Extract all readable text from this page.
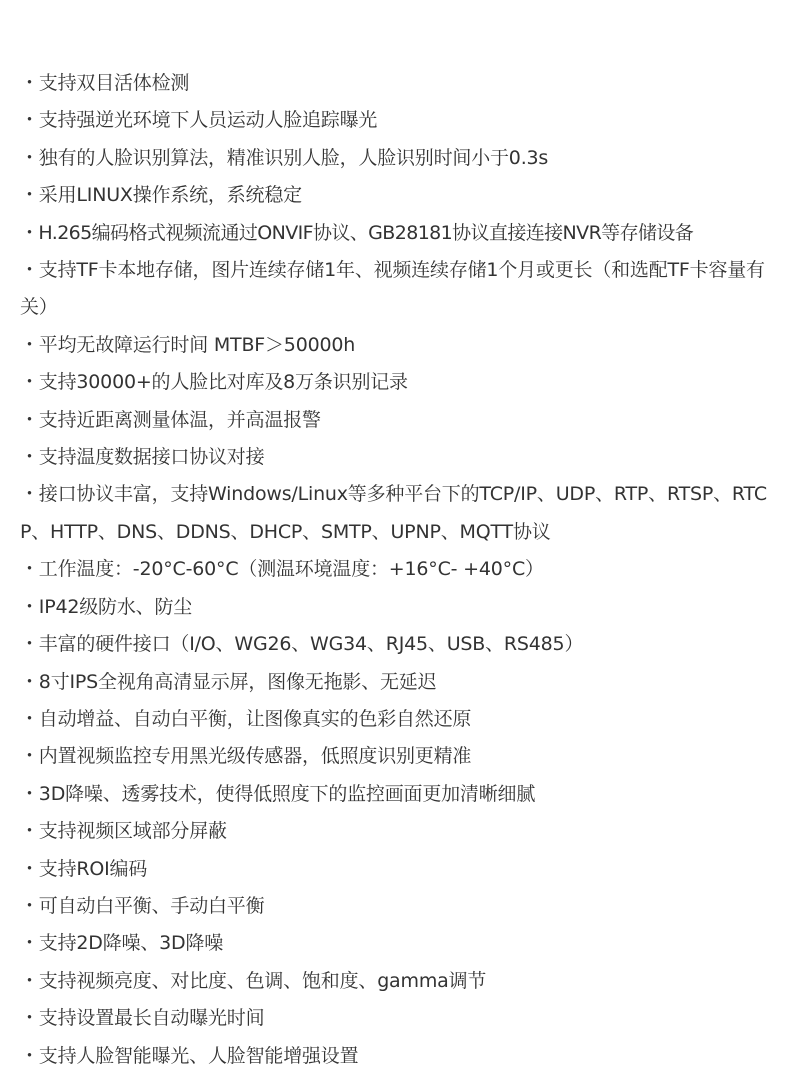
・支持双目活体检测
・支持强逆光环境下人员运动人脸追踪曝光
・独有的人脸识别算法，精准识别人脸，人脸识别时间小于0.3s
・采用LINUX操作系统，系统稳定
・H.265编码格式视频流通过ONVIF协议、GB28181协议直接连接NVR等存储设备
・支持TF卡本地存储，图片连续存储1年、视频连续存储1个月或更长（和选配TF卡容量有关）
・平均无故障运行时间 MTBF＞50000h
・支持30000+的人脸比对库及8万条识别记录
・支持近距离测量体温，并高温报警
・支持温度数据接口协议对接
・接口协议丰富，支持Windows/Linux等多种平台下的TCP/IP、UDP、RTP、RTSP、RTCP、HTTP、DNS、DDNS、DHCP、SMTP、UPNP、MQTT协议
・工作温度：-20°C-60°C（测温环境温度：+16°C- +40°C）
・IP42级防水、防尘
・丰富的硬件接口（I/O、WG26、WG34、RJ45、USB、RS485）
・8寸IPS全视角高清显示屏，图像无拖影、无延迟
・自动增益、自动白平衡，让图像真实的色彩自然还原
・内置视频监控专用黑光级传感器，低照度识别更精准
・3D降噪、透雾技术，使得低照度下的监控画面更加清晰细腻
・支持视频区域部分屏蔽
・支持ROI编码
・可自动白平衡、手动白平衡
・支持2D降噪、3D降噪
・支持视频亮度、对比度、色调、饱和度、gamma调节
・支持设置最长自动曝光时间
・支持人脸智能曝光、人脸智能增强设置
